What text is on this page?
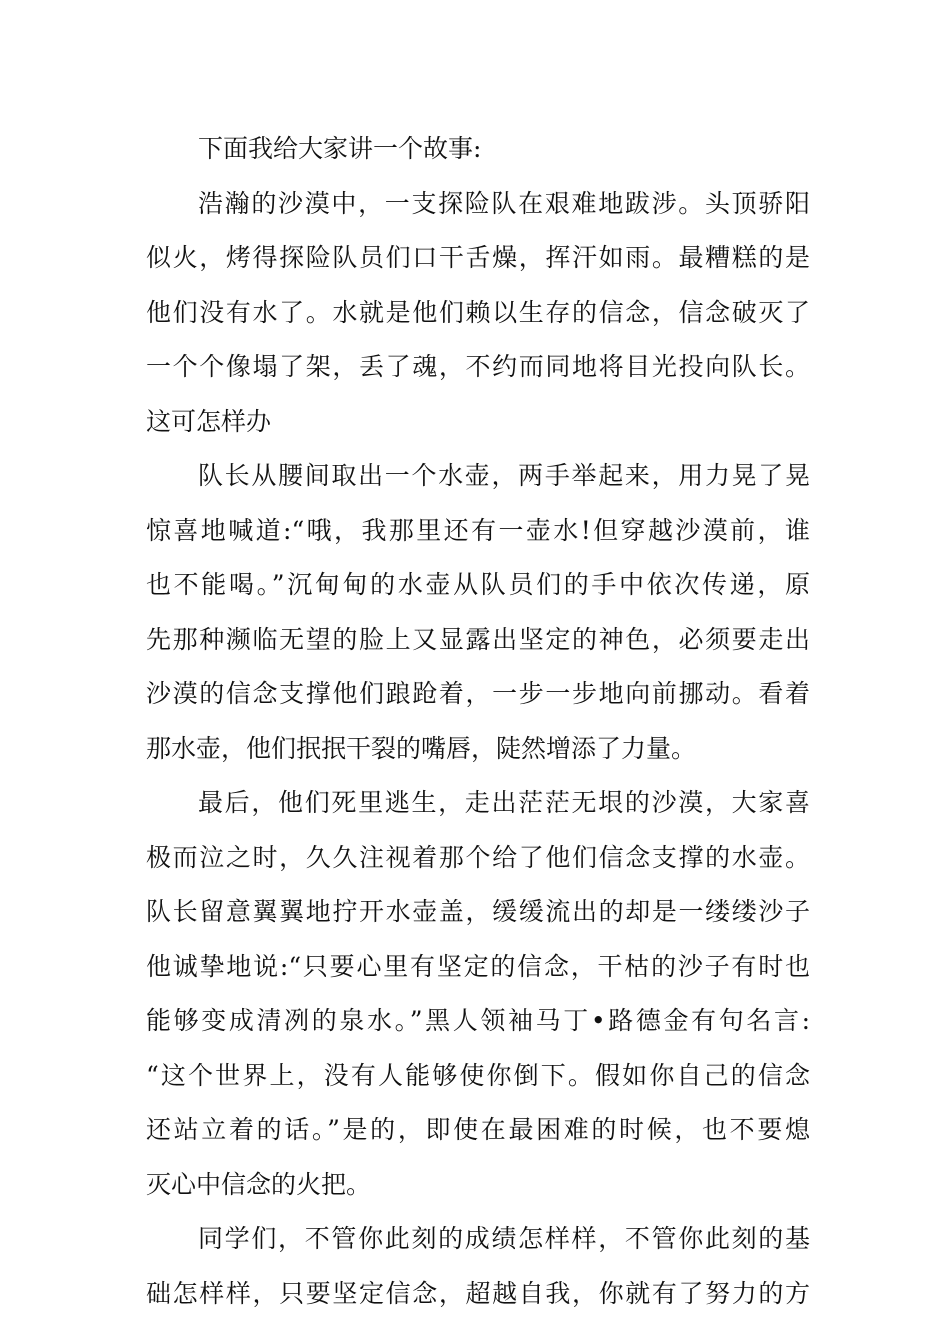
下面我给大家讲一个故事:
浩瀚的沙漠中，一支探险队在艰难地跋涉。头顶骄阳
似火，烤得探险队员们口干舌燥，挥汗如雨。最糟糕的是
他们没有水了。水就是他们赖以生存的信念，信念破灭了
一个个像塌了架，丢了魂，不约而同地将目光投向队长。
这可怎样办
队长从腰间取出一个水壶，两手举起来，用力晃了晃
惊喜地喊道:“哦，我那里还有一壶水!但穿越沙漠前，谁
也不能喝。”沉甸甸的水壶从队员们的手中依次传递，原
先那种濒临无望的脸上又显露出坚定的神色，必须要走出
沙漠的信念支撑他们踉跄着，一步一步地向前挪动。看着
那水壶，他们抿抿干裂的嘴唇，陡然增添了力量。
最后，他们死里逃生，走出茫茫无垠的沙漠，大家喜
极而泣之时，久久注视着那个给了他们信念支撑的水壶。
队长留意翼翼地拧开水壶盖，缓缓流出的却是一缕缕沙子
他诚挚地说:“只要心里有坚定的信念，干枯的沙子有时也
能够变成清冽的泉水。”黑人领袖马丁•路德金有句名言:
“这个世界上，没有人能够使你倒下。假如你自己的信念
还站立着的话。”是的，即使在最困难的时候，也不要熄
灭心中信念的火把。
同学们，不管你此刻的成绩怎样样，不管你此刻的基
础怎样样，只要坚定信念，超越自我，你就有了努力的方
